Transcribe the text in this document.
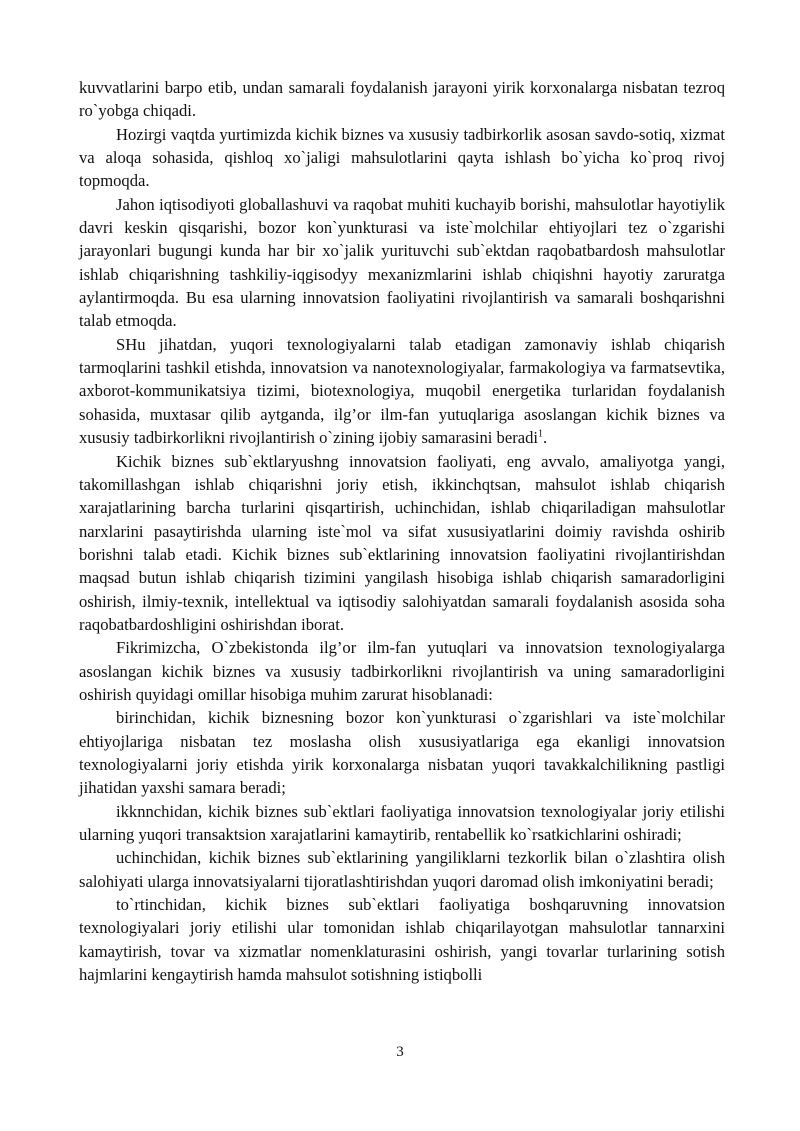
kuvvatlarini barpo etib, undan samarali foydalanish jarayoni yirik korxonalarga nisbatan tezroq ro`yobga chiqadi.

Hozirgi vaqtda yurtimizda kichik biznes va xususiy tadbirkorlik asosan savdo-sotiq, xizmat va aloqa sohasida, qishloq xo`jaligi mahsulotlarini qayta ishlash bo`yicha ko`proq rivoj topmoqda.

Jahon iqtisodiyoti globallashuvi va raqobat muhiti kuchayib borishi, mahsulotlar hayotiylik davri keskin qisqarishi, bozor kon`yunkturasi va iste`molchilar ehtiyojlari tez o`zgarishi jarayonlari bugungi kunda har bir xo`jalik yurituvchi sub`ektdan raqobatbardosh mahsulotlar ishlab chiqarishning tashkiliy-iqgisodyy mexanizmlarini ishlab chiqishni hayotiy zaruratga aylantirmoqda. Bu esa ularning innovatsion faoliyatini rivojlantirish va samarali boshqarishni talab etmoqda.

SHu jihatdan, yuqori texnologiyalarni talab etadigan zamonaviy ishlab chiqarish tarmoqlarini tashkil etishda, innovatsion va nanotexnologiyalar, farmakologiya va farmatsevtika, axborot-kommunikatsiya tizimi, biotexnologiya, muqobil energetika turlaridan foydalanish sohasida, muxtasar qilib aytganda, ilg’or ilm-fan yutuqlariga asoslangan kichik biznes va xususiy tadbirkorlikni rivojlantirish o`zining ijobiy samarasini beradi$^1$.

Kichik biznes sub`ektlaryushng innovatsion faoliyati, eng avvalo, amaliyotga yangi, takomillashgan ishlab chiqarishni joriy etish, ikkinchqtsan, mahsulot ishlab chiqarish xarajatlarining barcha turlarini qisqartirish, uchinchidan, ishlab chiqariladigan mahsulotlar narxlarini pasaytirishda ularning iste`mol va sifat xususiyatlarini doimiy ravishda oshirib borishni talab etadi. Kichik biznes sub`ektlarining innovatsion faoliyatini rivojlantirishdan maqsad butun ishlab chiqarish tizimini yangilash hisobiga ishlab chiqarish samaradorligini oshirish, ilmiy-texnik, intellektual va iqtisodiy salohiyatdan samarali foydalanish asosida soha raqobatbardoshligini oshirishdan iborat.

Fikrimizcha, O`zbekistonda ilg’or ilm-fan yutuqlari va innovatsion texnologiyalarga asoslangan kichik biznes va xususiy tadbirkorlikni rivojlantirish va uning samaradorligini oshirish quyidagi omillar hisobiga muhim zarurat hisoblanadi:

birinchidan, kichik biznesning bozor kon`yunkturasi o`zgarishlari va iste`molchilar ehtiyojlariga nisbatan tez moslasha olish xususiyatlariga ega ekanligi innovatsion texnologiyalarni joriy etishda yirik korxonalarga nisbatan yuqori tavakkalchilikning pastligi jihatidan yaxshi samara beradi;

ikknnchidan, kichik biznes sub`ektlari faoliyatiga innovatsion texnologiyalar joriy etilishi ularning yuqori transaktsion xarajatlarini kamaytirib, rentabellik ko`rsatkichlarini oshiradi;

uchinchidan, kichik biznes sub`ektlarining yangiliklarni tezkorlik bilan o`zlashtira olish salohiyati ularga innovatsiyalarni tijoratlashtirishdan yuqori daromad olish imkoniyatini beradi;

to`rtinchidan, kichik biznes sub`ektlari faoliyatiga boshqaruvning innovatsion texnologiyalari joriy etilishi ular tomonidan ishlab chiqarilayotgan mahsulotlar tannarxini kamaytirish, tovar va xizmatlar nomenklaturasini oshirish, yangi tovarlar turlarining sotish hajmlarini kengaytirish hamda mahsulot sotishning istiqbolli

3
